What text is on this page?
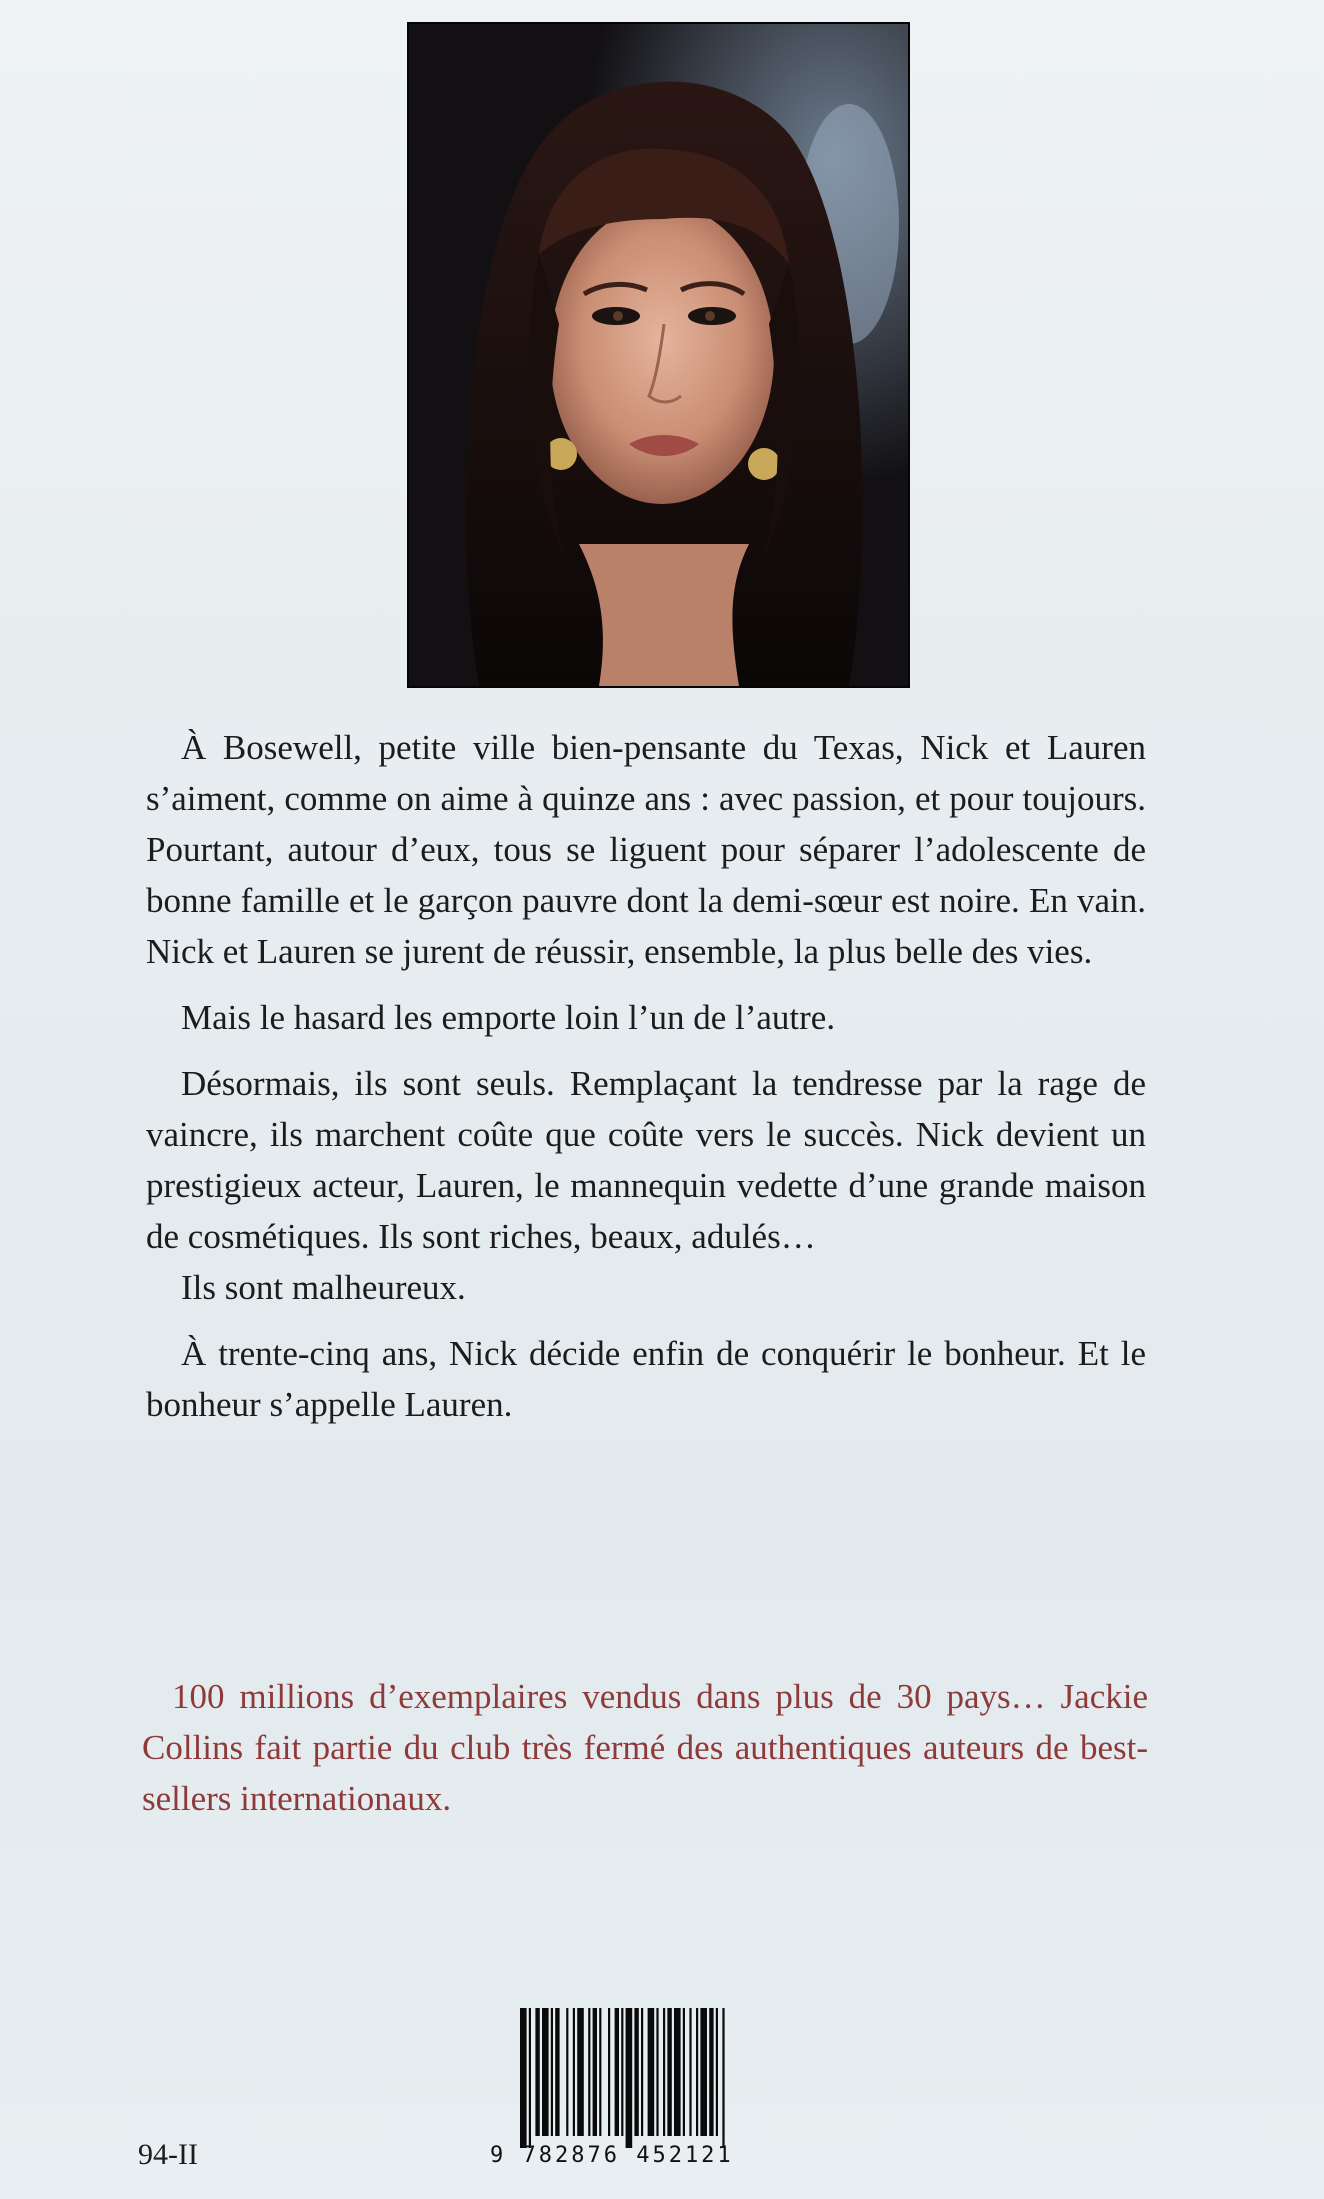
À Bosewell, petite ville bien-pensante du Texas, Nick et Lauren s’aiment, comme on aime à quinze ans : avec passion, et pour toujours. Pourtant, autour d’eux, tous se liguent pour séparer l’adolescente de bonne famille et le garçon pauvre dont la demi-sœur est noire. En vain. Nick et Lauren se jurent de réussir, ensemble, la plus belle des vies.

Mais le hasard les emporte loin l’un de l’autre.

Désormais, ils sont seuls. Remplaçant la tendresse par la rage de vaincre, ils marchent coûte que coûte vers le succès. Nick devient un prestigieux acteur, Lauren, le mannequin vedette d’une grande maison de cosmétiques. Ils sont riches, beaux, adulés…

Ils sont malheureux.

À trente-cinq ans, Nick décide enfin de conquérir le bonheur. Et le bonheur s’appelle Lauren.

100 millions d’exemplaires vendus dans plus de 30 pays… Jackie Collins fait partie du club très fermé des authentiques auteurs de best-sellers internationaux.

9 782876 452121
94-II
